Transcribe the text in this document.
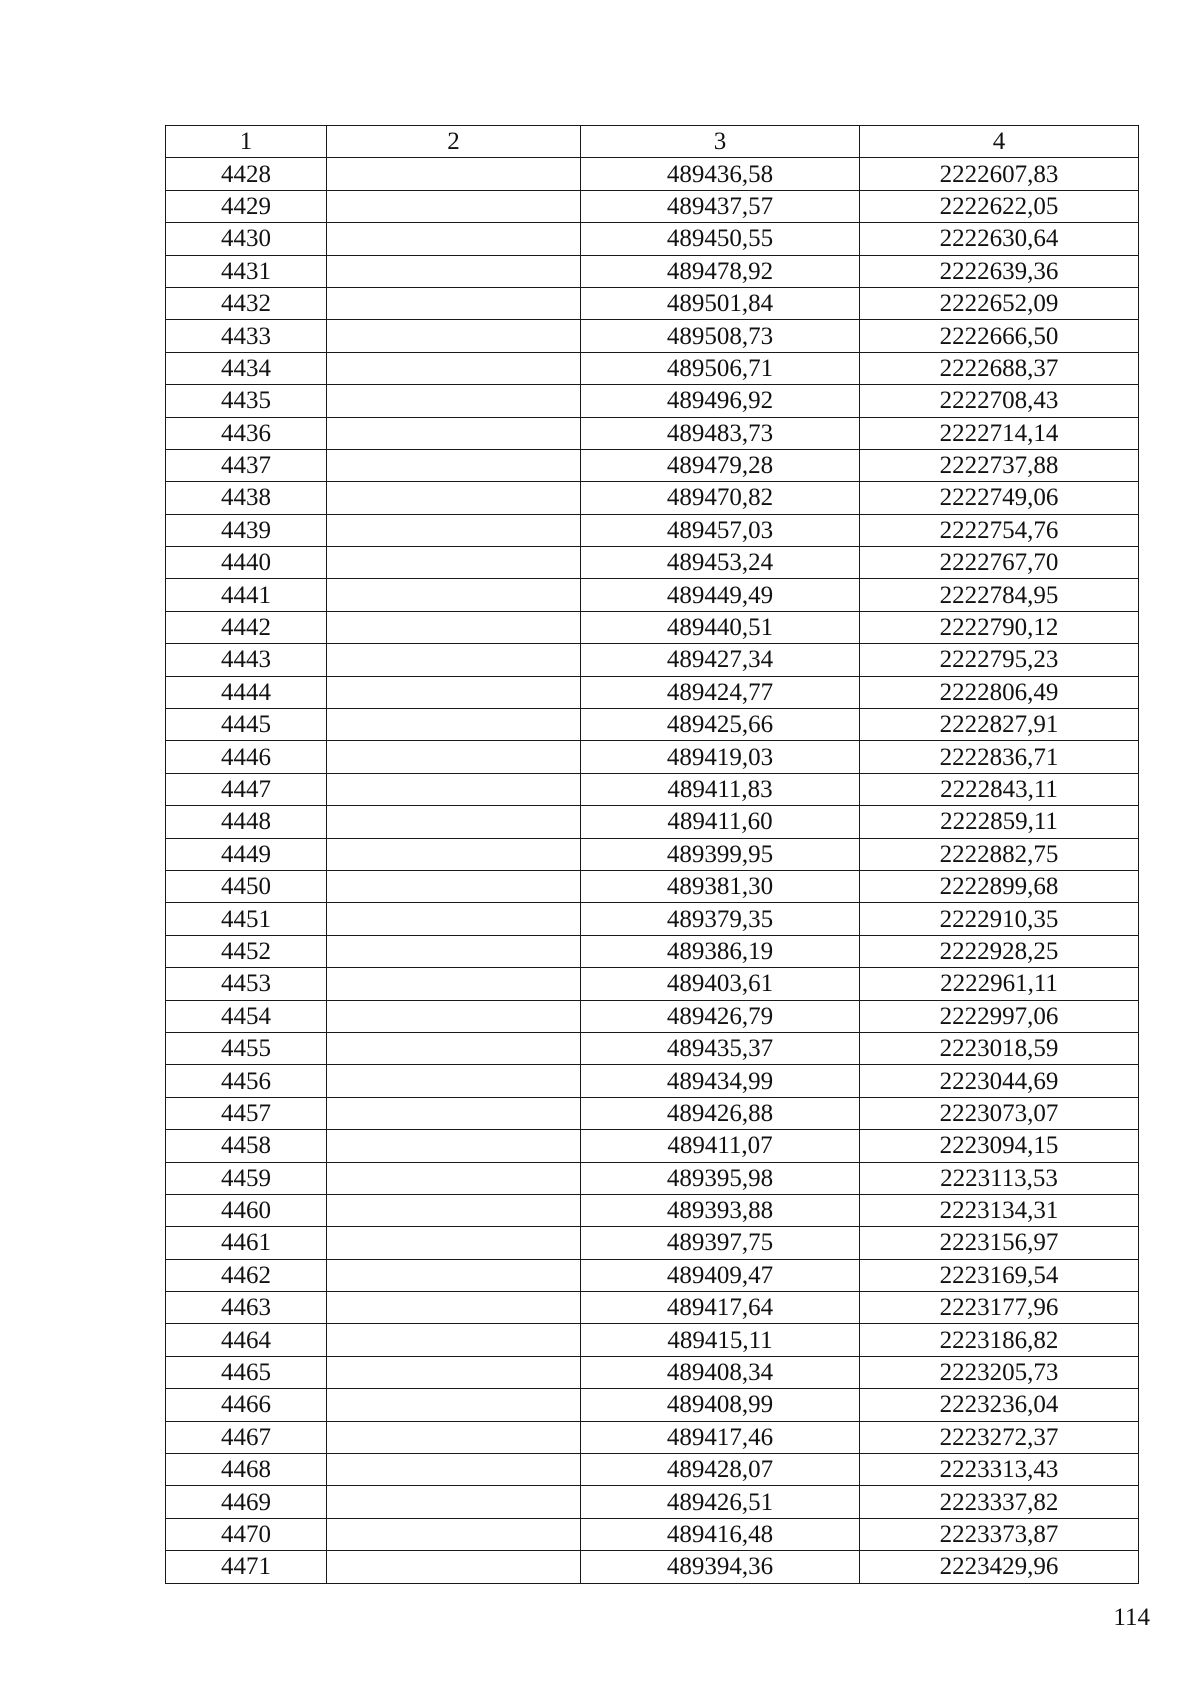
1	2	3	4
4428		489436,58	2222607,83
4429		489437,57	2222622,05
4430		489450,55	2222630,64
4431		489478,92	2222639,36
4432		489501,84	2222652,09
4433		489508,73	2222666,50
4434		489506,71	2222688,37
4435		489496,92	2222708,43
4436		489483,73	2222714,14
4437		489479,28	2222737,88
4438		489470,82	2222749,06
4439		489457,03	2222754,76
4440		489453,24	2222767,70
4441		489449,49	2222784,95
4442		489440,51	2222790,12
4443		489427,34	2222795,23
4444		489424,77	2222806,49
4445		489425,66	2222827,91
4446		489419,03	2222836,71
4447		489411,83	2222843,11
4448		489411,60	2222859,11
4449		489399,95	2222882,75
4450		489381,30	2222899,68
4451		489379,35	2222910,35
4452		489386,19	2222928,25
4453		489403,61	2222961,11
4454		489426,79	2222997,06
4455		489435,37	2223018,59
4456		489434,99	2223044,69
4457		489426,88	2223073,07
4458		489411,07	2223094,15
4459		489395,98	2223113,53
4460		489393,88	2223134,31
4461		489397,75	2223156,97
4462		489409,47	2223169,54
4463		489417,64	2223177,96
4464		489415,11	2223186,82
4465		489408,34	2223205,73
4466		489408,99	2223236,04
4467		489417,46	2223272,37
4468		489428,07	2223313,43
4469		489426,51	2223337,82
4470		489416,48	2223373,87
4471		489394,36	2223429,96
114
